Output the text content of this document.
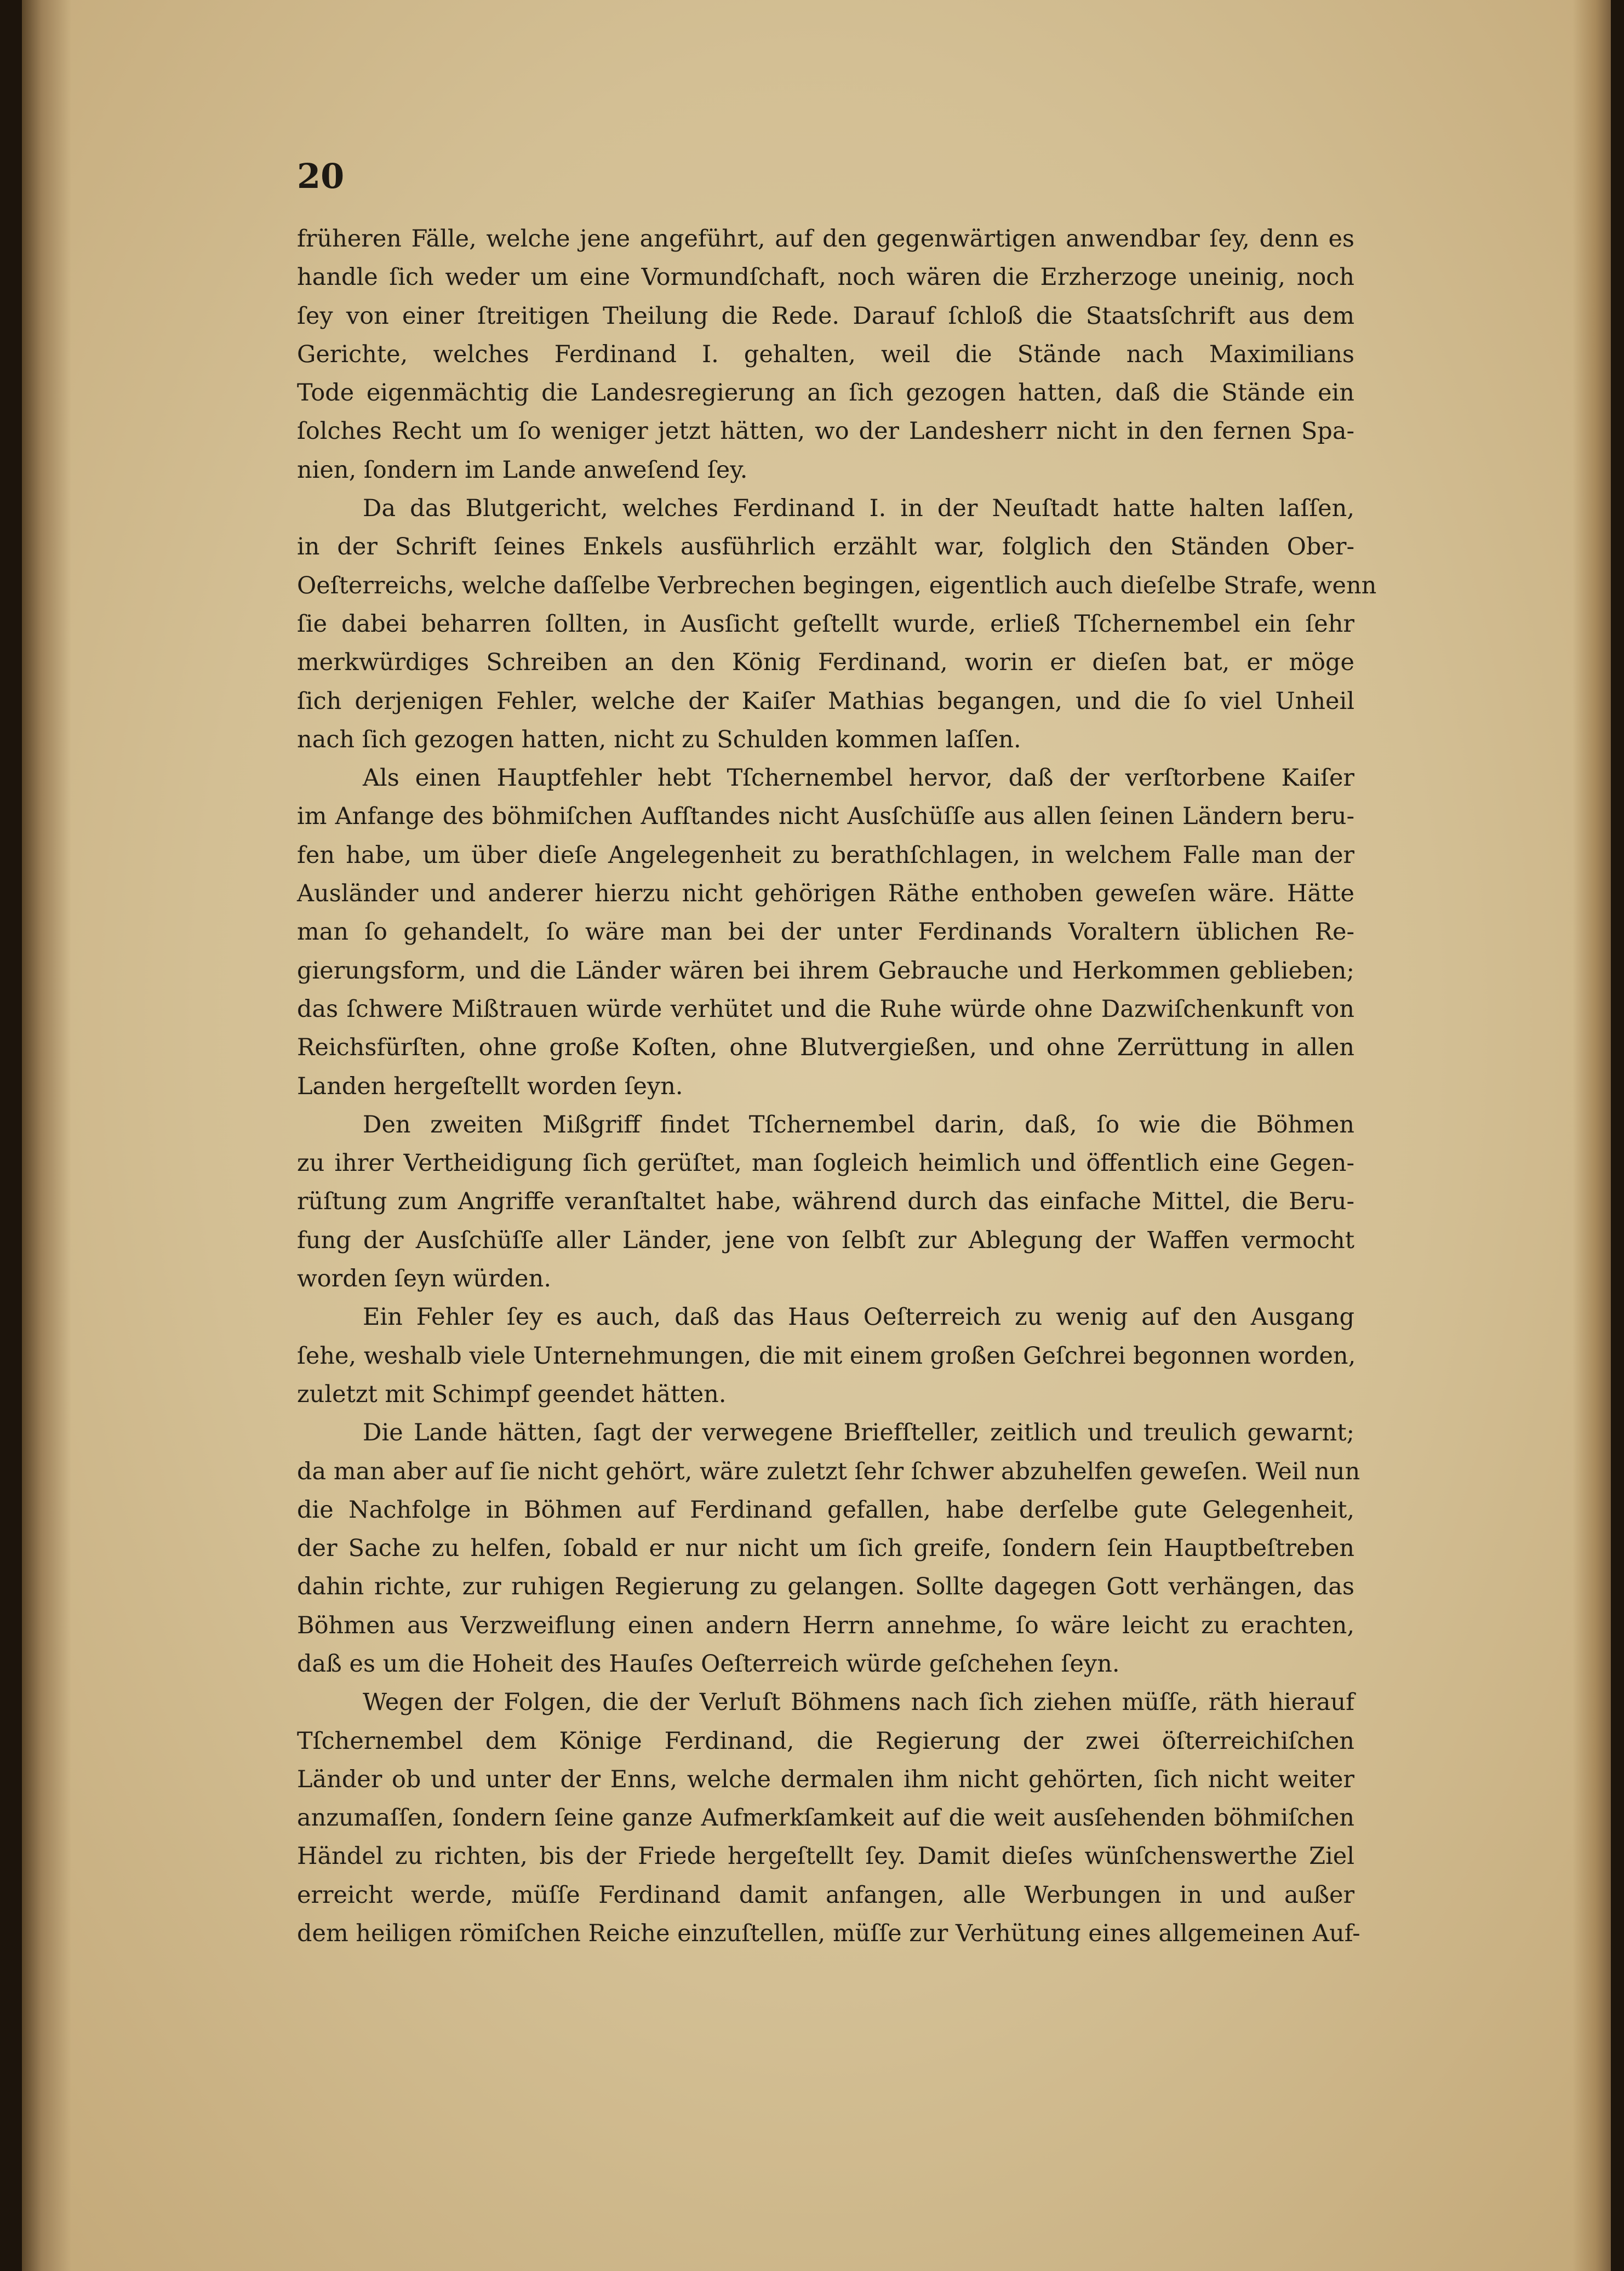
20
früheren Fälle, welche jene angeführt, auf den gegenwärtigen anwendbar ſey, denn es
handle ſich weder um eine Vormundſchaft, noch wären die Erzherzoge uneinig, noch
ſey von einer ſtreitigen Theilung die Rede. Darauf ſchloß die Staatsſchrift aus dem
Gerichte, welches Ferdinand I. gehalten, weil die Stände nach Maximilians
Tode eigenmächtig die Landesregierung an ſich gezogen hatten, daß die Stände ein
ſolches Recht um ſo weniger jetzt hätten, wo der Landesherr nicht in den fernen Spa-
nien, ſondern im Lande anweſend ſey.
Da das Blutgericht, welches Ferdinand I. in der Neuſtadt hatte halten laſſen,
in der Schrift ſeines Enkels ausführlich erzählt war, folglich den Ständen Ober-
Oeſterreichs, welche daſſelbe Verbrechen begingen, eigentlich auch dieſelbe Strafe, wenn
ſie dabei beharren ſollten, in Ausſicht geſtellt wurde, erließ Tſchernembel ein ſehr
merkwürdiges Schreiben an den König Ferdinand, worin er dieſen bat, er möge
ſich derjenigen Fehler, welche der Kaiſer Mathias begangen, und die ſo viel Unheil
nach ſich gezogen hatten, nicht zu Schulden kommen laſſen.
Als einen Hauptfehler hebt Tſchernembel hervor, daß der verſtorbene Kaiſer
im Anfange des böhmiſchen Aufſtandes nicht Ausſchüſſe aus allen ſeinen Ländern beru-
fen habe, um über dieſe Angelegenheit zu berathſchlagen, in welchem Falle man der
Ausländer und anderer hierzu nicht gehörigen Räthe enthoben geweſen wäre. Hätte
man ſo gehandelt, ſo wäre man bei der unter Ferdinands Voraltern üblichen Re-
gierungsform, und die Länder wären bei ihrem Gebrauche und Herkommen geblieben;
das ſchwere Mißtrauen würde verhütet und die Ruhe würde ohne Dazwiſchenkunft von
Reichsfürſten, ohne große Koſten, ohne Blutvergießen, und ohne Zerrüttung in allen
Landen hergeſtellt worden ſeyn.
Den zweiten Mißgriff findet Tſchernembel darin, daß, ſo wie die Böhmen
zu ihrer Vertheidigung ſich gerüſtet, man ſogleich heimlich und öffentlich eine Gegen-
rüſtung zum Angriffe veranſtaltet habe, während durch das einfache Mittel, die Beru-
fung der Ausſchüſſe aller Länder, jene von ſelbſt zur Ablegung der Waffen vermocht
worden ſeyn würden.
Ein Fehler ſey es auch, daß das Haus Oeſterreich zu wenig auf den Ausgang
ſehe, weshalb viele Unternehmungen, die mit einem großen Geſchrei begonnen worden,
zuletzt mit Schimpf geendet hätten.
Die Lande hätten, ſagt der verwegene Briefſteller, zeitlich und treulich gewarnt;
da man aber auf ſie nicht gehört, wäre zuletzt ſehr ſchwer abzuhelfen geweſen. Weil nun
die Nachfolge in Böhmen auf Ferdinand gefallen, habe derſelbe gute Gelegenheit,
der Sache zu helfen, ſobald er nur nicht um ſich greife, ſondern ſein Hauptbeſtreben
dahin richte, zur ruhigen Regierung zu gelangen. Sollte dagegen Gott verhängen, das
Böhmen aus Verzweiflung einen andern Herrn annehme, ſo wäre leicht zu erachten,
daß es um die Hoheit des Hauſes Oeſterreich würde geſchehen ſeyn.
Wegen der Folgen, die der Verluſt Böhmens nach ſich ziehen müſſe, räth hierauf
Tſchernembel dem Könige Ferdinand, die Regierung der zwei öſterreichiſchen
Länder ob und unter der Enns, welche dermalen ihm nicht gehörten, ſich nicht weiter
anzumaſſen, ſondern ſeine ganze Aufmerkſamkeit auf die weit ausſehenden böhmiſchen
Händel zu richten, bis der Friede hergeſtellt ſey. Damit dieſes wünſchenswerthe Ziel
erreicht werde, müſſe Ferdinand damit anfangen, alle Werbungen in und außer
dem heiligen römiſchen Reiche einzuſtellen, müſſe zur Verhütung eines allgemeinen Auf-
